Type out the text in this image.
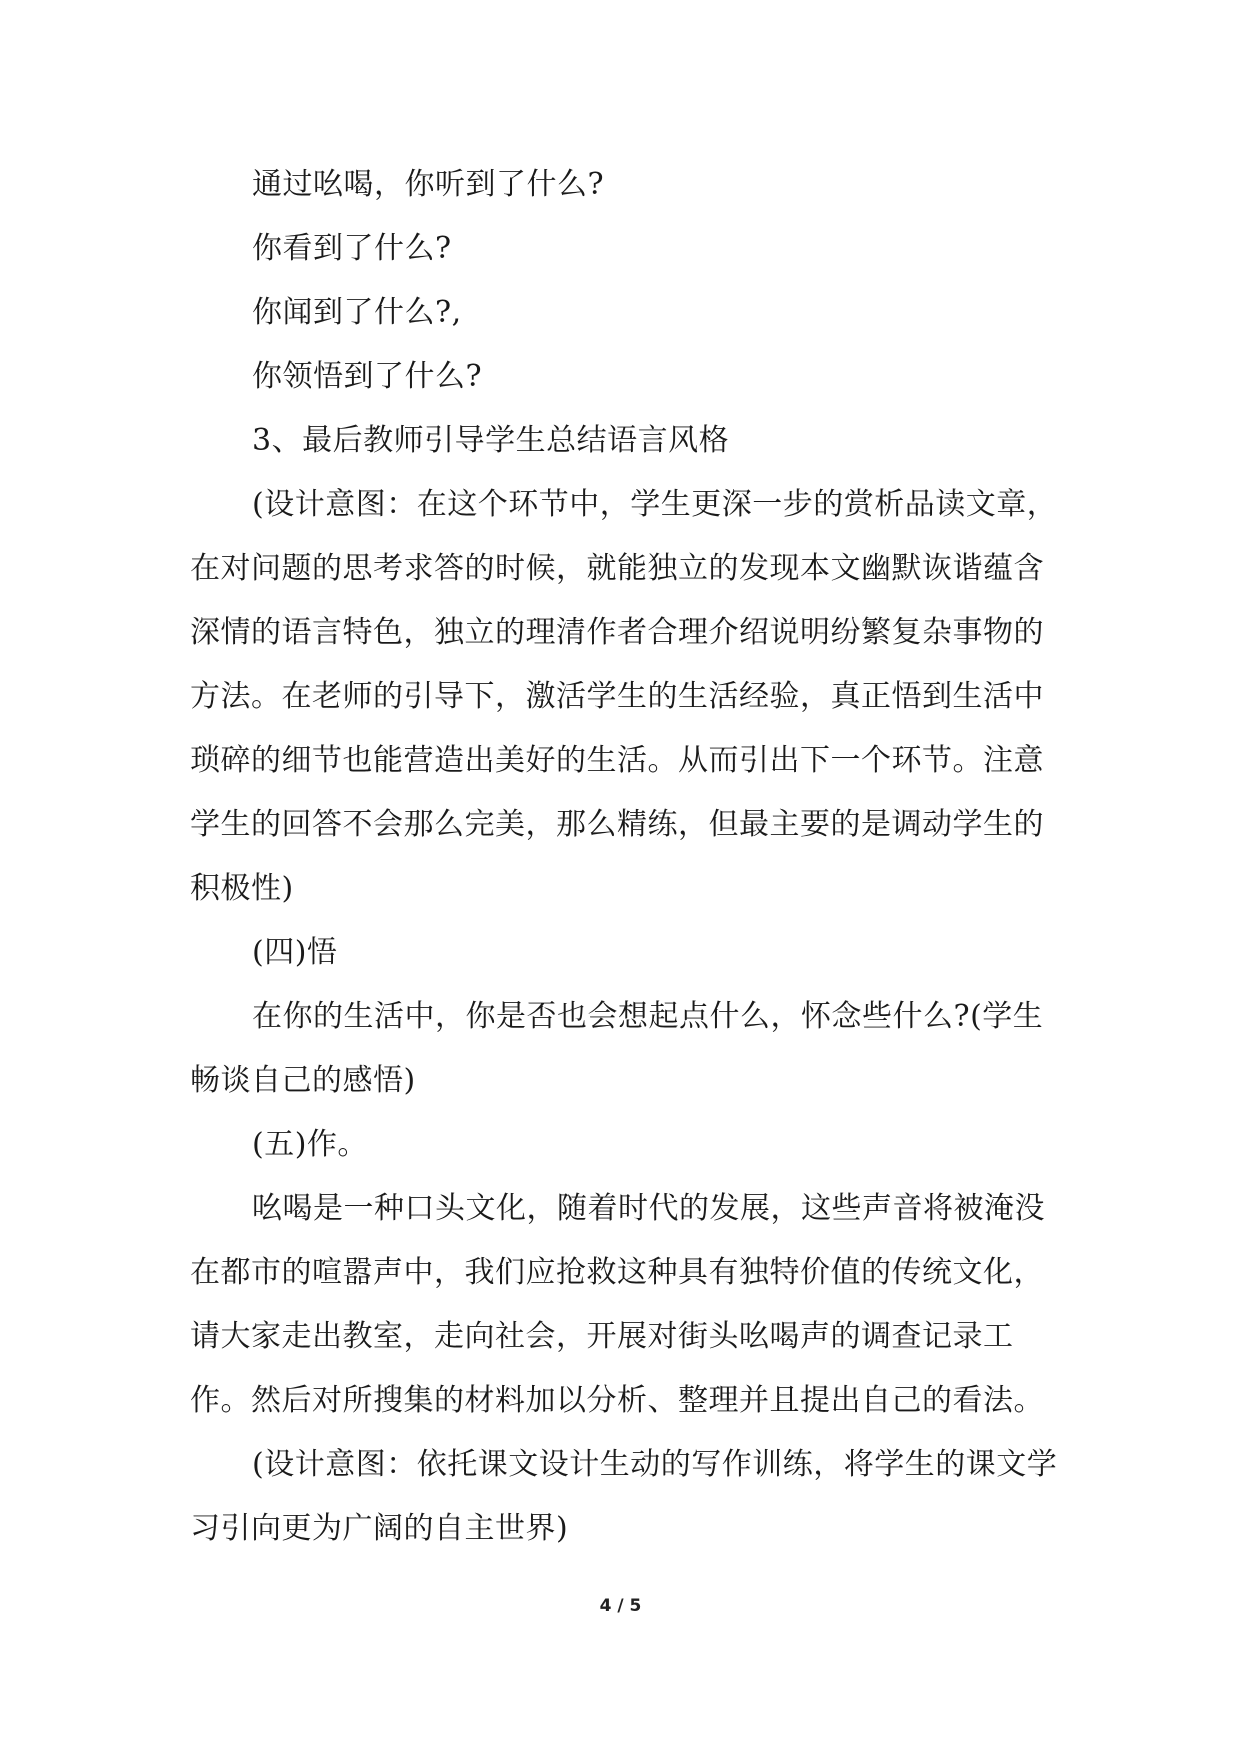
通过吆喝，你听到了什么?

你看到了什么?

你闻到了什么?,

你领悟到了什么?

3、最后教师引导学生总结语言风格

(设计意图：在这个环节中，学生更深一步的赏析品读文章，在对问题的思考求答的时候，就能独立的发现本文幽默诙谐蕴含深情的语言特色，独立的理清作者合理介绍说明纷繁复杂事物的方法。在老师的引导下，激活学生的生活经验，真正悟到生活中琐碎的细节也能营造出美好的生活。从而引出下一个环节。注意学生的回答不会那么完美，那么精练，但最主要的是调动学生的积极性)

(四)悟

在你的生活中，你是否也会想起点什么，怀念些什么?(学生畅谈自己的感悟)

(五)作。

吆喝是一种口头文化，随着时代的发展，这些声音将被淹没在都市的喧嚣声中，我们应抢救这种具有独特价值的传统文化，请大家走出教室，走向社会，开展对街头吆喝声的调查记录工作。然后对所搜集的材料加以分析、整理并且提出自己的看法。

(设计意图：依托课文设计生动的写作训练，将学生的课文学习引向更为广阔的自主世界)

4 / 5
